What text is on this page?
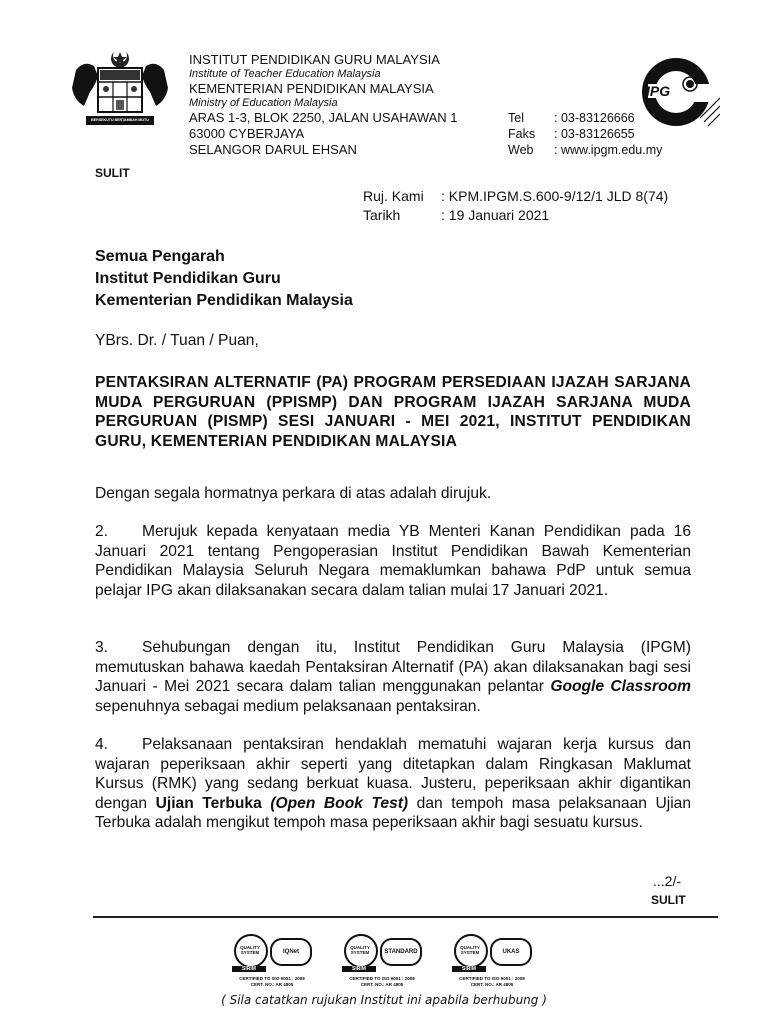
BERSEKUTU BERTAMBAH MUTU
INSTITUT PENDIDIKAN GURU MALAYSIA
Institute of Teacher Education Malaysia
KEMENTERIAN PENDIDIKAN MALAYSIA
Ministry of Education Malaysia
ARAS 1-3, BLOK 2250, JALAN USAHAWAN 1
63000 CYBERJAYA
SELANGOR DARUL EHSAN
Tel : 03-83126666
Faks : 03-83126655
Web : www.ipgm.edu.my
IPG
SULIT
Ruj. Kami : KPM.IPGM.S.600-9/12/1 JLD 8(74)
Tarikh	: 19 Januari 2021
Semua Pengarah
Institut Pendidikan Guru
Kementerian Pendidikan Malaysia
YBrs. Dr. / Tuan / Puan,
PENTAKSIRAN ALTERNATIF (PA) PROGRAM PERSEDIAAN IJAZAH SARJANA MUDA PERGURUAN (PPISMP) DAN PROGRAM IJAZAH SARJANA MUDA PERGURUAN (PISMP) SESI JANUARI - MEI 2021, INSTITUT PENDIDIKAN GURU, KEMENTERIAN PENDIDIKAN MALAYSIA
Dengan segala hormatnya perkara di atas adalah dirujuk.
2. Merujuk kepada kenyataan media YB Menteri Kanan Pendidikan pada 16 Januari 2021 tentang Pengoperasian Institut Pendidikan Bawah Kementerian Pendidikan Malaysia Seluruh Negara memaklumkan bahawa PdP untuk semua pelajar IPG akan dilaksanakan secara dalam talian mulai 17 Januari 2021.
3. Sehubungan dengan itu, Institut Pendidikan Guru Malaysia (IPGM) memutuskan bahawa kaedah Pentaksiran Alternatif (PA) akan dilaksanakan bagi sesi Januari - Mei 2021 secara dalam talian menggunakan pelantar Google Classroom sepenuhnya sebagai medium pelaksanaan pentaksiran.
4. Pelaksanaan pentaksiran hendaklah mematuhi wajaran kerja kursus dan wajaran peperiksaan akhir seperti yang ditetapkan dalam Ringkasan Maklumat Kursus (RMK) yang sedang berkuat kuasa. Justeru, peperiksaan akhir digantikan dengan Ujian Terbuka (Open Book Test) dan tempoh masa pelaksanaan Ujian Terbuka adalah mengikut tempoh masa peperiksaan akhir bagi sesuatu kursus.
...2/-
SULIT
QUALITY SYSTEM	IQNet
SIRIM
CERTIFIED TO ISO 9001 : 2008
CERT. NO.: AR 4805
QUALITY SYSTEM	STANDARD
SIRIM
CERTIFIED TO ISO 9001 : 2008
CERT. NO.: AR 4805
QUALITY SYSTEM	UKAS
SIRIM
CERTIFIED TO ISO 9001 : 2008
CERT. NO.: AR 4805
( Sila catatkan rujukan Institut ini apabila berhubung )
